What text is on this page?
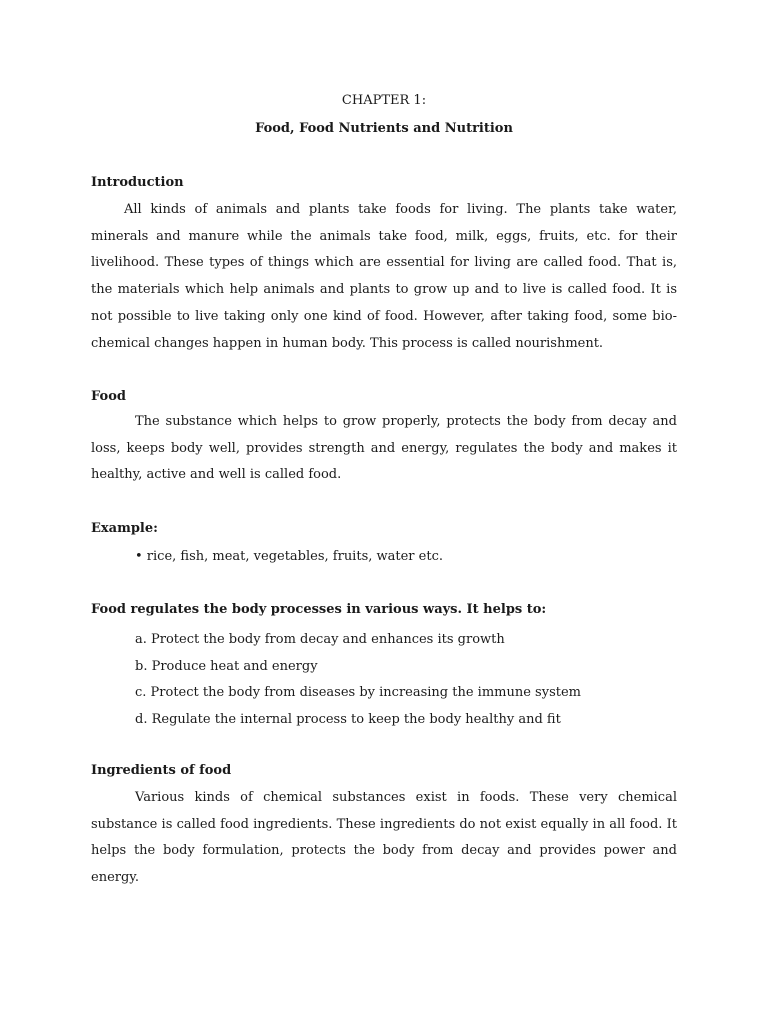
CHAPTER 1:
Food, Food Nutrients and Nutrition
Introduction

All kinds of animals and plants take foods for living. The plants take water, minerals and manure while the animals take food, milk, eggs, fruits, etc. for their livelihood. These types of things which are essential for living are called food. That is, the materials which help animals and plants to grow up and to live is called food. It is not possible to live taking only one kind of food. However, after taking food, some bio- chemical changes happen in human body. This process is called nourishment.

Food

The substance which helps to grow properly, protects the body from decay and loss, keeps body well, provides strength and energy, regulates the body and makes it healthy, active and well is called food.

Example:
• rice, fish, meat, vegetables, fruits, water etc.
Food regulates the body processes in various ways. It helps to:
a. Protect the body from decay and enhances its growth
b. Produce heat and energy
c. Protect the body from diseases by increasing the immune system
d. Regulate the internal process to keep the body healthy and fit
Ingredients of food

Various kinds of chemical substances exist in foods. These very chemical substance is called food ingredients. These ingredients do not exist equally in all food. It helps the body formulation, protects the body from decay and provides power and energy.
